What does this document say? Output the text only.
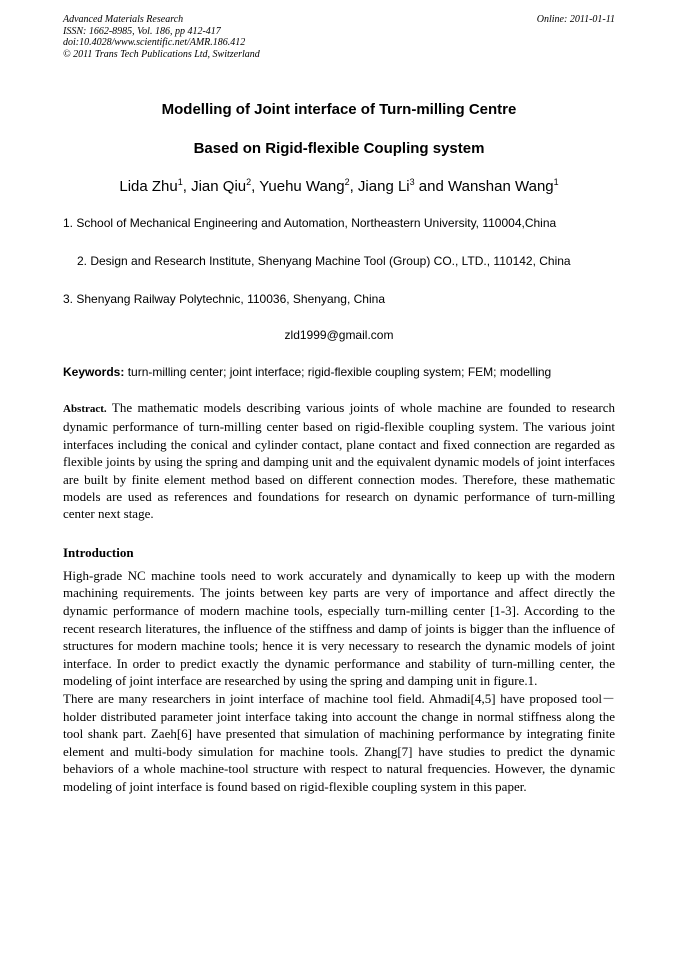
Advanced Materials Research
ISSN: 1662-8985, Vol. 186, pp 412-417
doi:10.4028/www.scientific.net/AMR.186.412
© 2011 Trans Tech Publications Ltd, Switzerland
Online: 2011-01-11

Modelling of Joint interface of Turn-milling Centre

Based on Rigid-flexible Coupling system

Lida Zhu$^1$, Jian Qiu$^2$, Yuehu Wang$^2$, Jiang Li$^3$ and Wanshan Wang$^1$

1. School of Mechanical Engineering and Automation, Northeastern University, 110004,China

2. Design and Research Institute, Shenyang Machine Tool (Group) CO., LTD., 110142, China

3. Shenyang Railway Polytechnic, 110036, Shenyang, China

zld1999@gmail.com
Keywords: turn-milling center; joint interface; rigid-flexible coupling system; FEM; modelling
Abstract. The mathematic models describing various joints of whole machine are founded to research dynamic performance of turn-milling center based on rigid-flexible coupling system. The various joint interfaces including the conical and cylinder contact, plane contact and fixed connection are regarded as flexible joints by using the spring and damping unit and the equivalent dynamic models of joint interfaces are built by finite element method based on different connection modes. Therefore, these mathematic models are used as references and foundations for research on dynamic performance of turn-milling center next stage.
Introduction

High-grade NC machine tools need to work accurately and dynamically to keep up with the modern machining requirements. The joints between key parts are very of importance and affect directly the dynamic performance of modern machine tools, especially turn-milling center [1-3]. According to the recent research literatures, the influence of the stiffness and damp of joints is bigger than the influence of structures for modern machine tools; hence it is very necessary to research the dynamic models of joint interface. In order to predict exactly the dynamic performance and stability of turn-milling center, the modeling of joint interface are researched by using the spring and damping unit in figure.1.

There are many researchers in joint interface of machine tool field. Ahmadi[4,5] have proposed tool－holder distributed parameter joint interface taking into account the change in normal stiffness along the tool shank part. Zaeh[6] have presented that simulation of machining performance by integrating finite element and multi-body simulation for machine tools. Zhang[7] have studies to predict the dynamic behaviors of a whole machine-tool structure with respect to natural frequencies. However, the dynamic modeling of joint interface is found based on rigid-flexible coupling system in this paper.
